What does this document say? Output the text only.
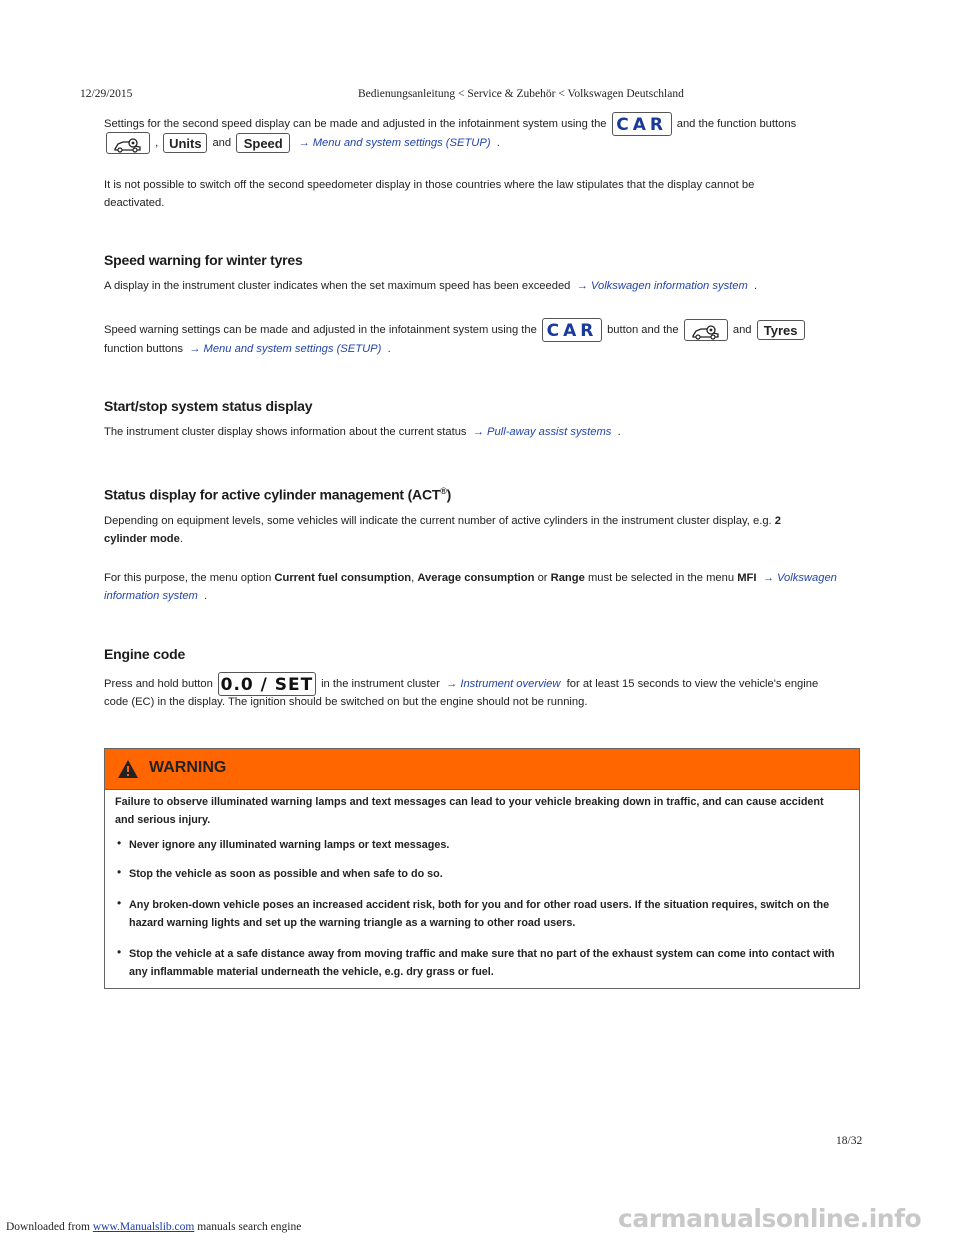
12/29/2015	Bedienungsanleitung < Service & Zubehör < Volkswagen Deutschland
Settings for the second speed display can be made and adjusted in the infotainment system using the CAR and the function buttons
, Units and Speed → Menu and system settings (SETUP) .
It is not possible to switch off the second speedometer display in those countries where the law stipulates that the display cannot be
deactivated.
Speed warning for winter tyres
A display in the instrument cluster indicates when the set maximum speed has been exceeded → Volkswagen information system .
Speed warning settings can be made and adjusted in the infotainment system using the CAR button and the	and Tyres
function buttons → Menu and system settings (SETUP) .
Start/stop system status display
The instrument cluster display shows information about the current status → Pull-away assist systems .
Status display for active cylinder management (ACT®)
Depending on equipment levels, some vehicles will indicate the current number of active cylinders in the instrument cluster display, e.g. 2
cylinder mode.
For this purpose, the menu option Current fuel consumption, Average consumption or Range must be selected in the menu MFI → Volkswagen
information system .
Engine code
Press and hold button 0.0 / SET in the instrument cluster → Instrument overview for at least 15 seconds to view the vehicle's engine
code (EC) in the display. The ignition should be switched on but the engine should not be running.
WARNING
Failure to observe illuminated warning lamps and text messages can lead to your vehicle breaking down in traffic, and can cause accident
and serious injury.
• Never ignore any illuminated warning lamps or text messages.
• Stop the vehicle as soon as possible and when safe to do so.
• Any broken-down vehicle poses an increased accident risk, both for you and for other road users. If the situation requires, switch on the
hazard warning lights and set up the warning triangle as a warning to other road users.
• Stop the vehicle at a safe distance away from moving traffic and make sure that no part of the exhaust system can come into contact with
any inflammable material underneath the vehicle, e.g. dry grass or fuel.
18/32
Downloaded from www.Manualslib.com manuals search engine	carmanualsonline.info
